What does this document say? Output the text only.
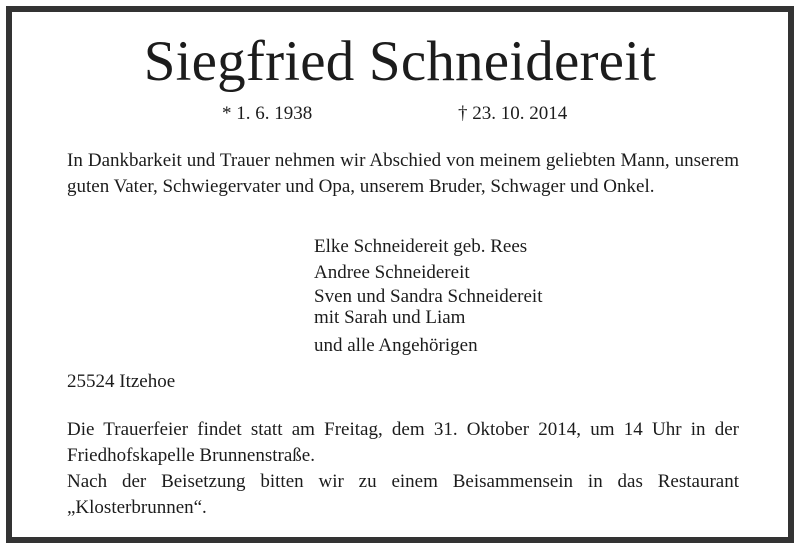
Siegfried Schneidereit
* 1. 6. 1938	† 23. 10. 2014

In Dankbarkeit und Trauer nehmen wir Abschied von meinem geliebten Mann, unserem guten Vater, Schwiegervater und Opa, unserem Bruder, Schwager und Onkel.

Elke Schneidereit geb. Rees
Andree Schneidereit
Sven und Sandra Schneidereit
mit Sarah und Liam
und alle Angehörigen

25524 Itzehoe

Die Trauerfeier findet statt am Freitag, dem 31. Oktober 2014, um 14 Uhr in der Friedhofskapelle Brunnenstraße.

Nach der Beisetzung bitten wir zu einem Beisammensein in das Restaurant „Klosterbrunnen“.
